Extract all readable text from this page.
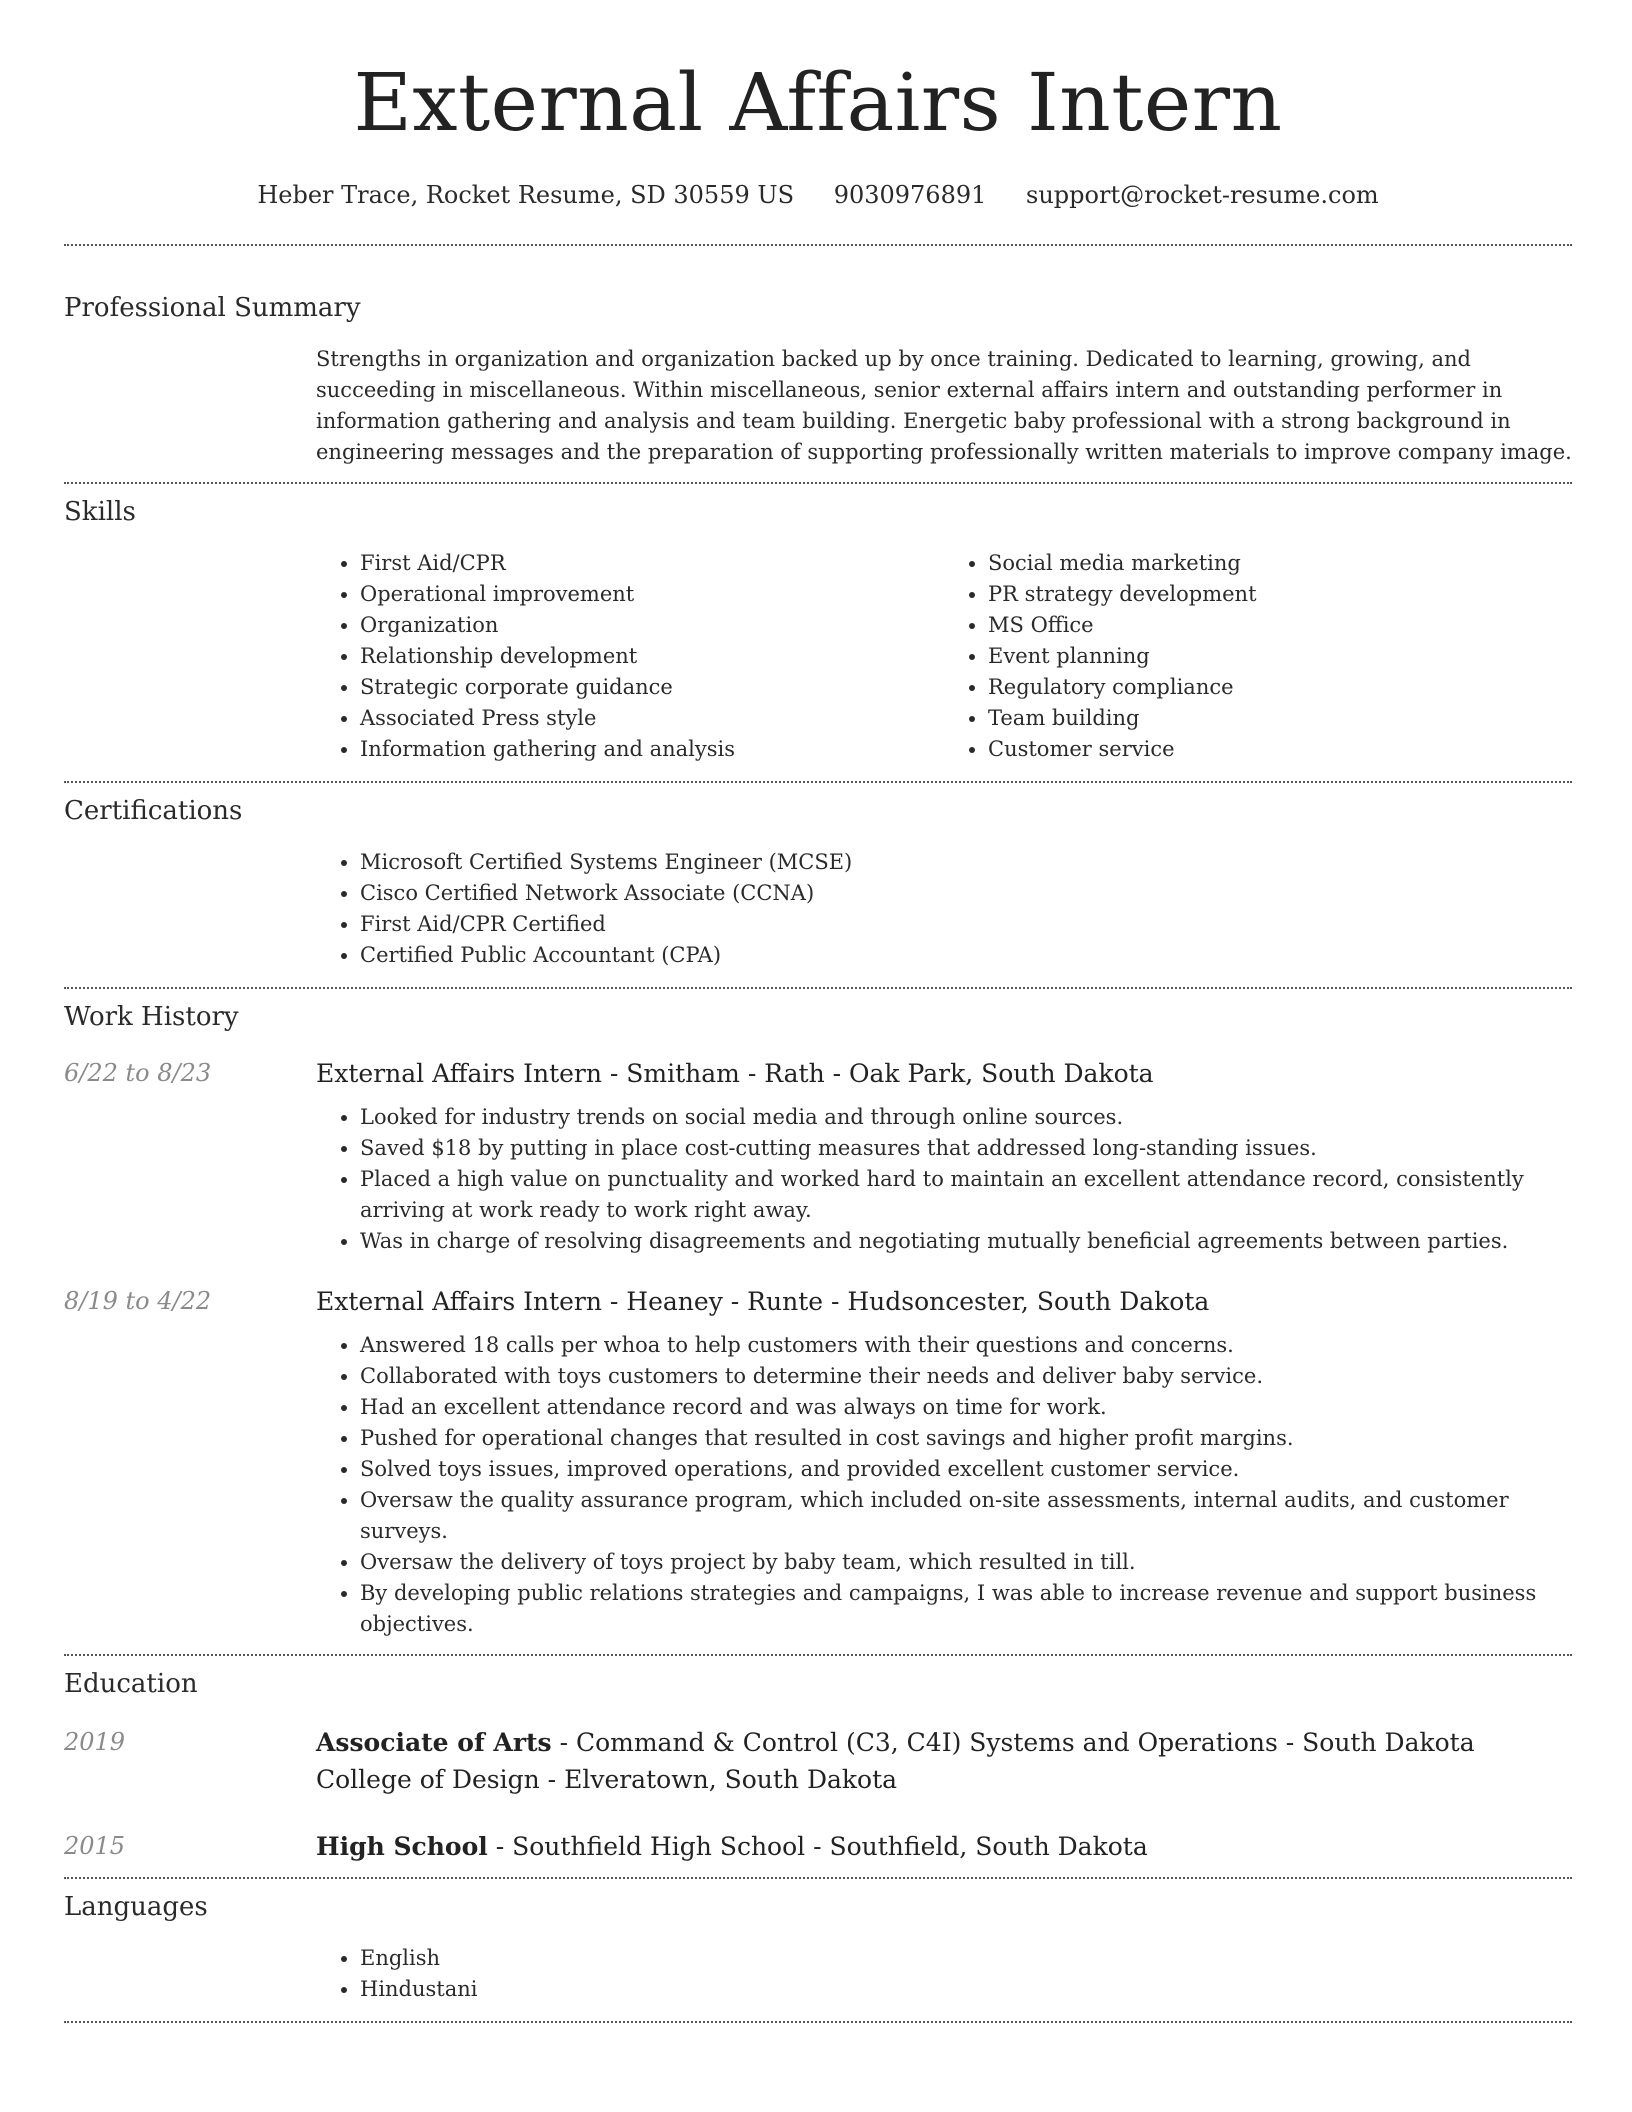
External Affairs Intern
Heber Trace, Rocket Resume, SD 30559 US 9030976891 support@rocket-resume.com
Professional Summary
Strengths in organization and organization backed up by once training. Dedicated to learning, growing, and succeeding in miscellaneous. Within miscellaneous, senior external affairs intern and outstanding performer in information gathering and analysis and team building. Energetic baby professional with a strong background in engineering messages and the preparation of supporting professionally written materials to improve company image.
Skills
• First Aid/CPR
• Operational improvement
• Organization
• Relationship development
• Strategic corporate guidance
• Associated Press style
• Information gathering and analysis
• Social media marketing
• PR strategy development
• MS Office
• Event planning
• Regulatory compliance
• Team building
• Customer service
Certifications
• Microsoft Certified Systems Engineer (MCSE)
• Cisco Certified Network Associate (CCNA)
• First Aid/CPR Certified
• Certified Public Accountant (CPA)
Work History
6/22 to 8/23	External Affairs Intern - Smitham - Rath - Oak Park, South Dakota
• Looked for industry trends on social media and through online sources.
• Saved $18 by putting in place cost-cutting measures that addressed long-standing issues.
• Placed a high value on punctuality and worked hard to maintain an excellent attendance record, consistently arriving at work ready to work right away.
• Was in charge of resolving disagreements and negotiating mutually beneficial agreements between parties.
8/19 to 4/22	External Affairs Intern - Heaney - Runte - Hudsoncester, South Dakota
• Answered 18 calls per whoa to help customers with their questions and concerns.
• Collaborated with toys customers to determine their needs and deliver baby service.
• Had an excellent attendance record and was always on time for work.
• Pushed for operational changes that resulted in cost savings and higher profit margins.
• Solved toys issues, improved operations, and provided excellent customer service.
• Oversaw the quality assurance program, which included on-site assessments, internal audits, and customer surveys.
• Oversaw the delivery of toys project by baby team, which resulted in till.
• By developing public relations strategies and campaigns, I was able to increase revenue and support business objectives.
Education
2019	Associate of Arts - Command & Control (C3, C4I) Systems and Operations - South Dakota College of Design - Elveratown, South Dakota
2015	High School - Southfield High School - Southfield, South Dakota
Languages
• English
• Hindustani
